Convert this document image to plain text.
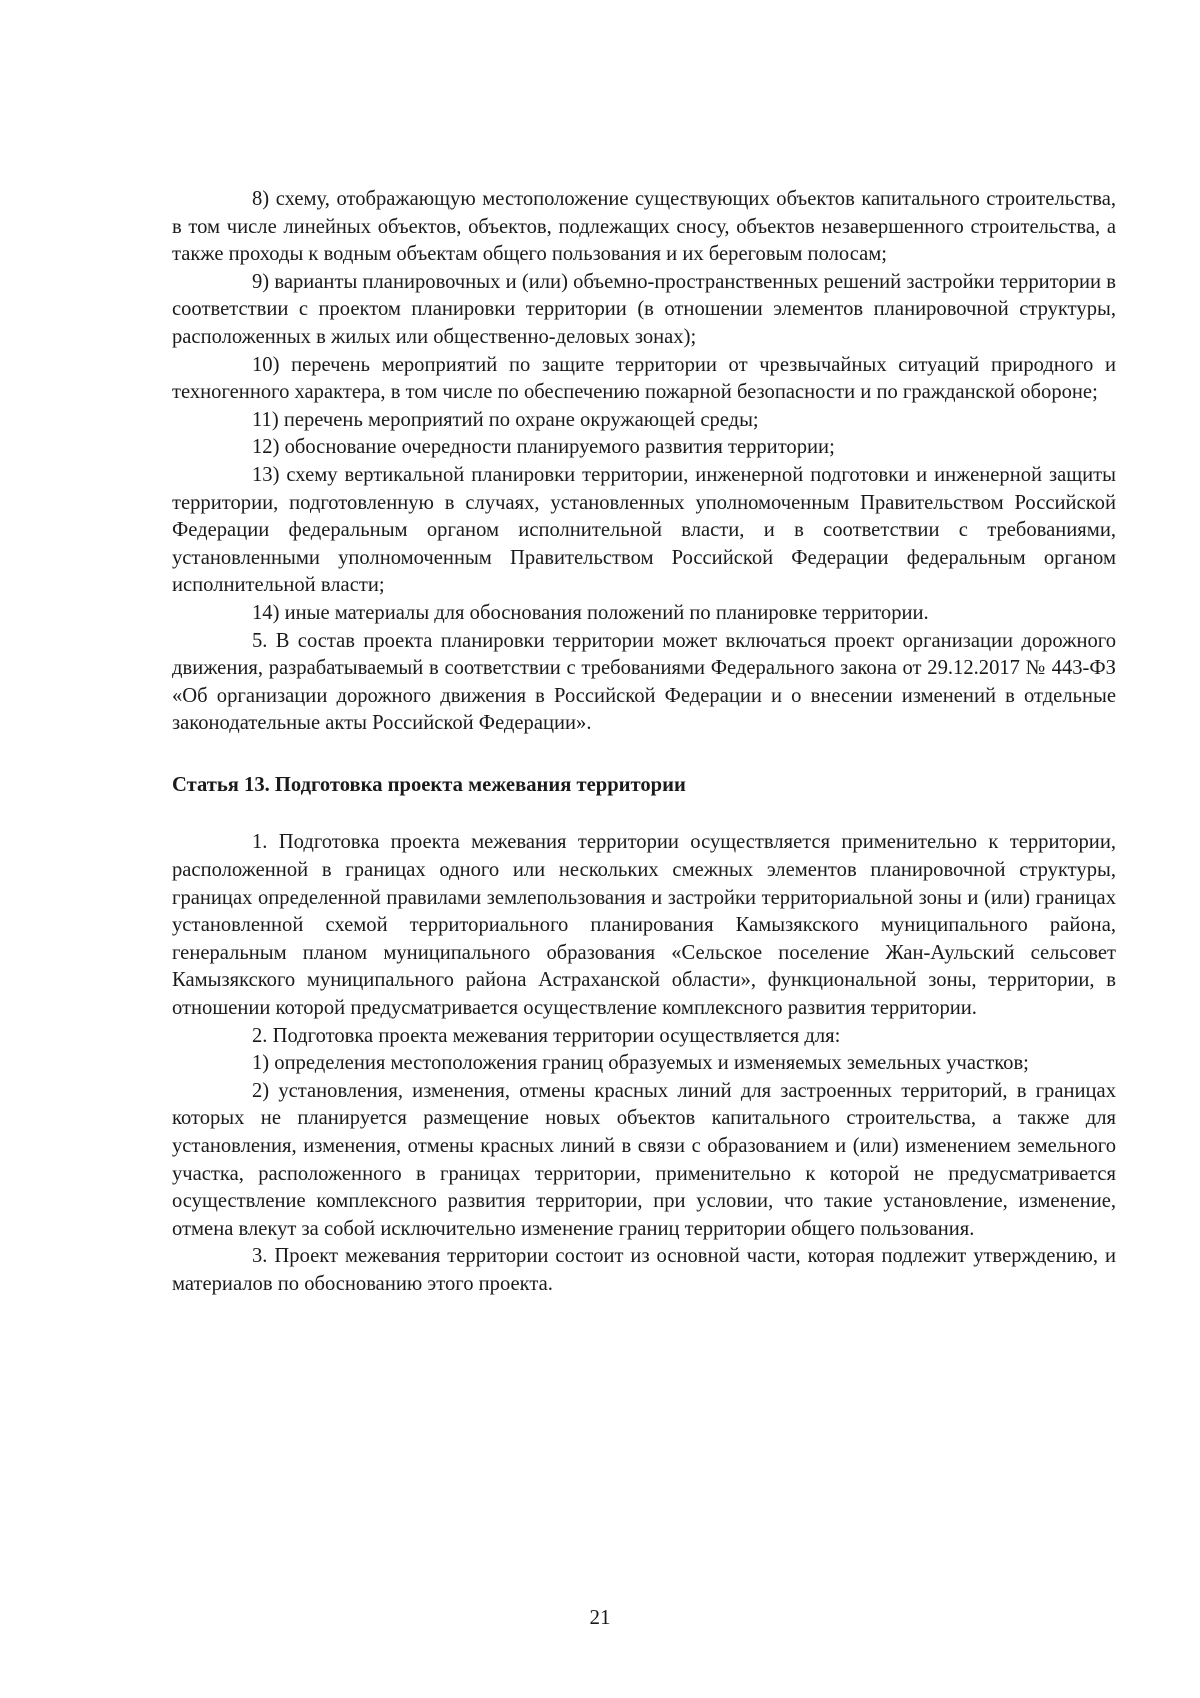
8) схему, отображающую местоположение существующих объектов капитального строительства, в том числе линейных объектов, объектов, подлежащих сносу, объектов незавершенного строительства, а также проходы к водным объектам общего пользования и их береговым полосам;

9) варианты планировочных и (или) объемно-пространственных решений застройки территории в соответствии с проектом планировки территории (в отношении элементов планировочной структуры, расположенных в жилых или общественно-деловых зонах);

10) перечень мероприятий по защите территории от чрезвычайных ситуаций природного и техногенного характера, в том числе по обеспечению пожарной безопасности и по гражданской обороне;

11) перечень мероприятий по охране окружающей среды;

12) обоснование очередности планируемого развития территории;

13) схему вертикальной планировки территории, инженерной подготовки и инженерной защиты территории, подготовленную в случаях, установленных уполномоченным Правительством Российской Федерации федеральным органом исполнительной власти, и в соответствии с требованиями, установленными уполномоченным Правительством Российской Федерации федеральным органом исполнительной власти;

14) иные материалы для обоснования положений по планировке территории.

5. В состав проекта планировки территории может включаться проект организации дорожного движения, разрабатываемый в соответствии с требованиями Федерального закона от 29.12.2017 № 443-ФЗ «Об организации дорожного движения в Российской Федерации и о внесении изменений в отдельные законодательные акты Российской Федерации».

Статья 13. Подготовка проекта межевания территории

1. Подготовка проекта межевания территории осуществляется применительно к территории, расположенной в границах одного или нескольких смежных элементов планировочной структуры, границах определенной правилами землепользования и застройки территориальной зоны и (или) границах установленной схемой территориального планирования Камызякского муниципального района, генеральным планом муниципального образования «Сельское поселение Жан-Аульский сельсовет Камызякского муниципального района Астраханской области», функциональной зоны, территории, в отношении которой предусматривается осуществление комплексного развития территории.

2. Подготовка проекта межевания территории осуществляется для:

1) определения местоположения границ образуемых и изменяемых земельных участков;

2) установления, изменения, отмены красных линий для застроенных территорий, в границах которых не планируется размещение новых объектов капитального строительства, а также для установления, изменения, отмены красных линий в связи с образованием и (или) изменением земельного участка, расположенного в границах территории, применительно к которой не предусматривается осуществление комплексного развития территории, при условии, что такие установление, изменение, отмена влекут за собой исключительно изменение границ территории общего пользования.

3. Проект межевания территории состоит из основной части, которая подлежит утверждению, и материалов по обоснованию этого проекта.

21
